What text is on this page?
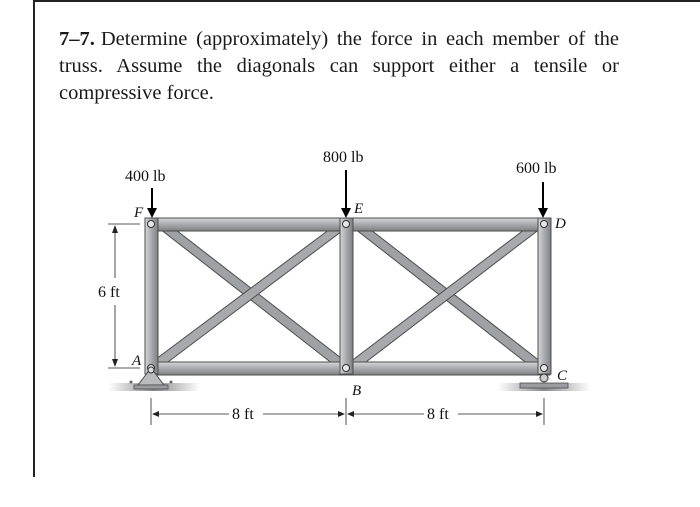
7–7. Determine (approximately) the force in each member of the truss. Assume the diagonals can support either a tensile or compressive force.
400 lb
800 lb
600 lb
F	E
D
A
B
C
6 ft
8 ft	8 ft
